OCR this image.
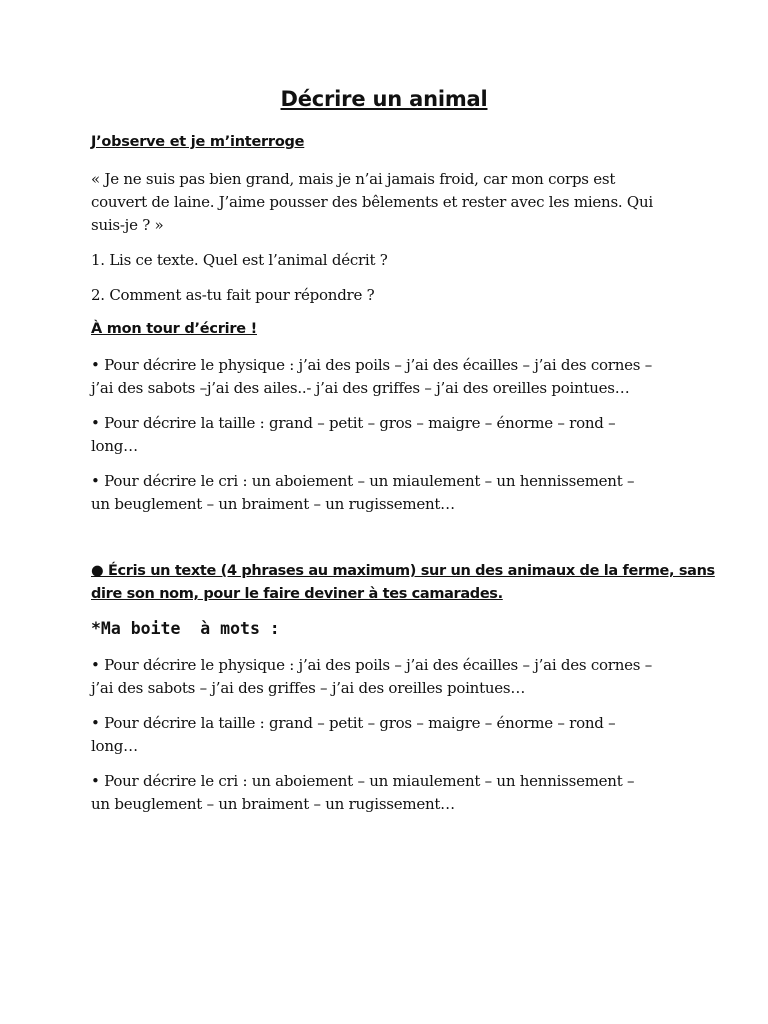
Décrire un animal
J’observe et je m’interroge
« Je ne suis pas bien grand, mais je n’ai jamais froid, car mon corps est
couvert de laine. J’aime pousser des bêlements et rester avec les miens. Qui
suis-je ? »
1. Lis ce texte. Quel est l’animal décrit ?
2. Comment as-tu fait pour répondre ?
À mon tour d’écrire !
• Pour décrire le physique : j’ai des poils – j’ai des écailles – j’ai des cornes –
j’ai des sabots –j’ai des ailes..- j’ai des griffes – j’ai des oreilles pointues…
• Pour décrire la taille : grand – petit – gros – maigre – énorme – rond –
long…
• Pour décrire le cri : un aboiement – un miaulement – un hennissement –
un beuglement – un braiment – un rugissement…
● Écris un texte (4 phrases au maximum) sur un des animaux de la ferme, sans
dire son nom, pour le faire deviner à tes camarades.
*Ma boite  à mots :
• Pour décrire le physique : j’ai des poils – j’ai des écailles – j’ai des cornes –
j’ai des sabots – j’ai des griffes – j’ai des oreilles pointues…
• Pour décrire la taille : grand – petit – gros – maigre – énorme – rond –
long…
• Pour décrire le cri : un aboiement – un miaulement – un hennissement –
un beuglement – un braiment – un rugissement…
